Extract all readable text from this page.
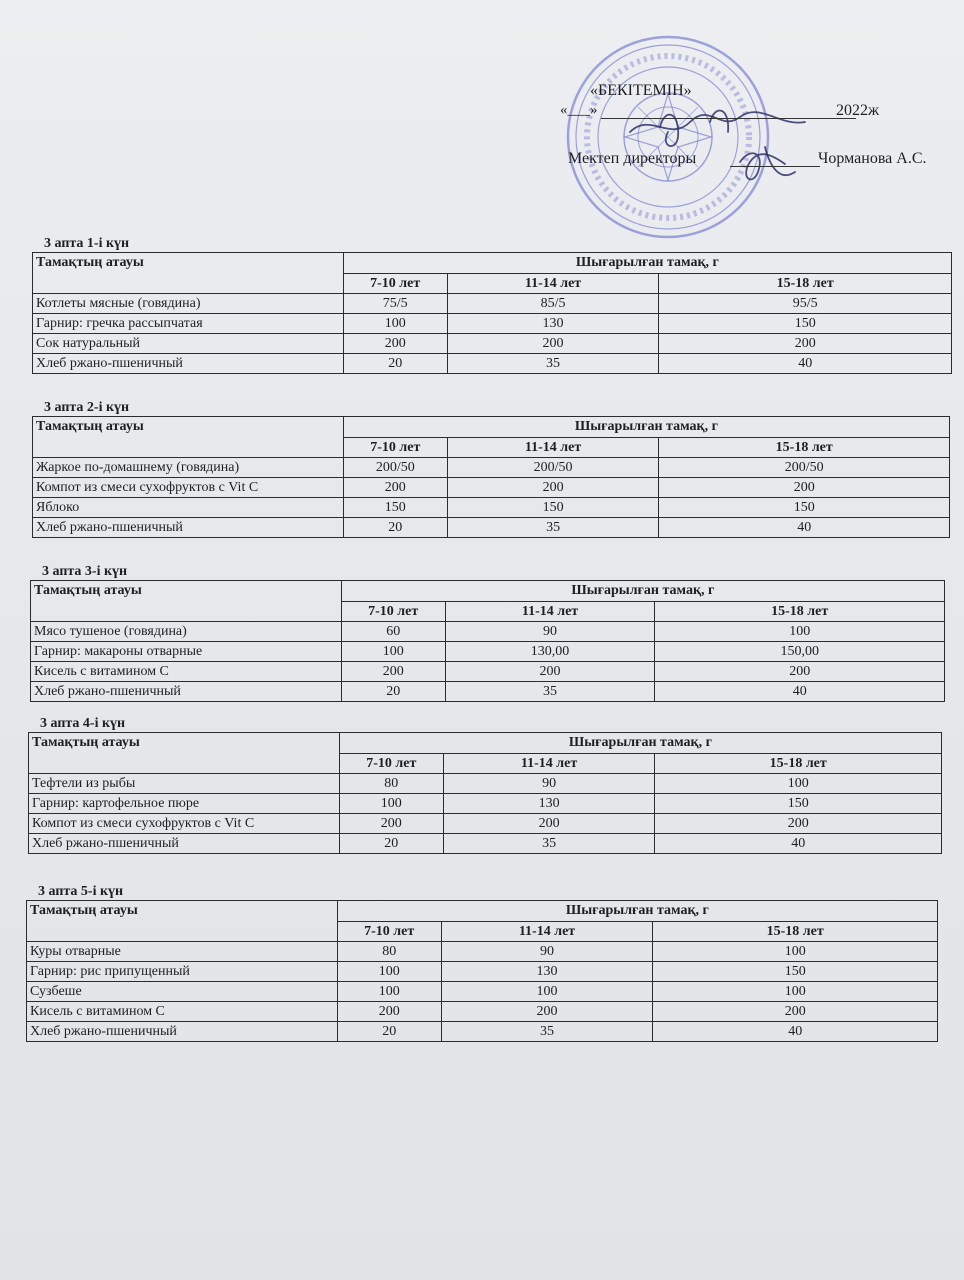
«БЕКІТЕМІН»
«___»	2022ж
Мектеп директоры	Чорманова А.С.
3 апта 1-і күн
Тамақтың атауы	Шығарылған тамақ, г		
	7-10 лет	11-14 лет	15-18 лет
Котлеты мясные (говядина)	75/5	85/5	95/5
Гарнир: гречка рассыпчатая	100	130	150
Сок натуральный	200	200	200
Хлеб ржано-пшеничный	20	35	40
3 апта 2-і күн
Тамақтың атауы	Шығарылған тамақ, г		
	7-10 лет	11-14 лет	15-18 лет
Жаркое по-домашнему (говядина)	200/50	200/50	200/50
Компот из смеси сухофруктов с Vit C	200	200	200
Яблоко	150	150	150
Хлеб ржано-пшеничный	20	35	40
3 апта 3-і күн
Тамақтың атауы	Шығарылған тамақ, г		
	7-10 лет	11-14 лет	15-18 лет
Мясо тушеное (говядина)	60	90	100
Гарнир: макароны отварные	100	130,00	150,00
Кисель с витамином С	200	200	200
Хлеб ржано-пшеничный	20	35	40
3 апта 4-і күн
Тамақтың атауы	Шығарылған тамақ, г		
	7-10 лет	11-14 лет	15-18 лет
Тефтели из рыбы	80	90	100
Гарнир: картофельное пюре	100	130	150
Компот из смеси сухофруктов с Vit C	200	200	200
Хлеб ржано-пшеничный	20	35	40
3 апта 5-і күн
Тамақтың атауы	Шығарылған тамақ, г		
	7-10 лет	11-14 лет	15-18 лет
Куры отварные	80	90	100
Гарнир: рис припущенный	100	130	150
Сузбеше	100	100	100
Кисель с витамином С	200	200	200
Хлеб ржано-пшеничный	20	35	40
